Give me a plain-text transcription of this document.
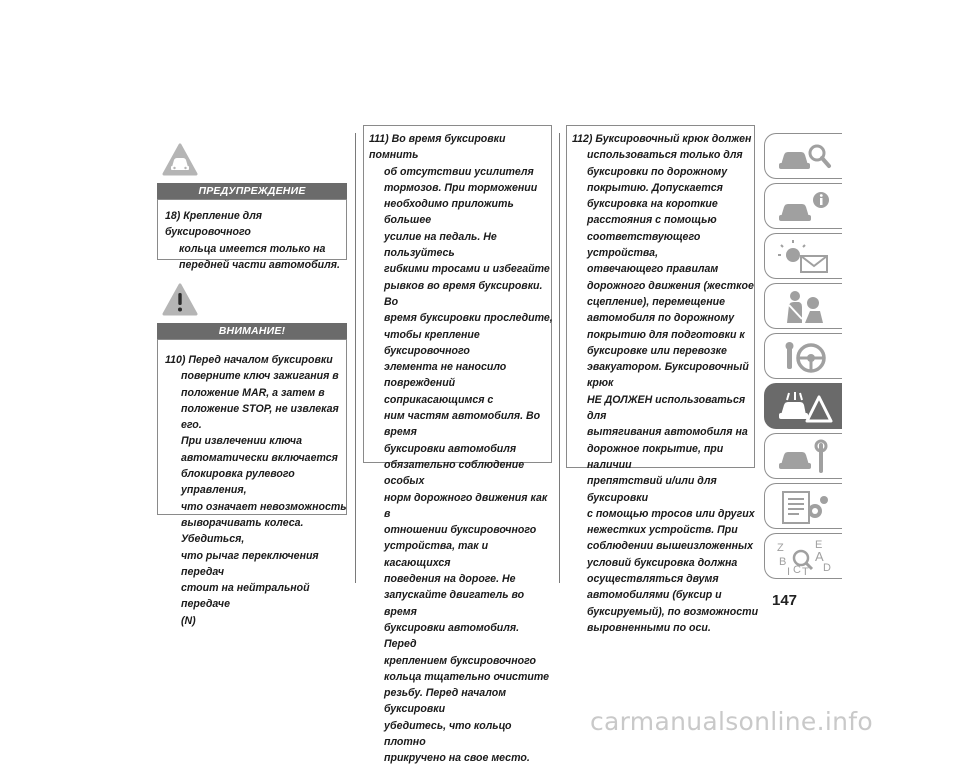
ПРЕДУПРЕЖДЕНИЕ
18) Крепление для буксировочного
кольца имеется только на
передней части автомобиля.
ВНИМАНИЕ!
110) Перед началом буксировки
поверните ключ зажигания в
положение MAR, а затем в
положение STOP, не извлекая его.
При извлечении ключа
автоматически включается
блокировка рулевого управления,
что означает невозможность
выворачивать колеса. Убедиться,
что рычаг переключения передач
стоит на нейтральной передаче
(N)
111) Во время буксировки помнить
об отсутствии усилителя
тормозов. При торможении
необходимо приложить большее
усилие на педаль. Не пользуйтесь
гибкими тросами и избегайте
рывков во время буксировки. Во
время буксировки проследите,
чтобы крепление буксировочного
элемента не наносило
повреждений соприкасающимся с
ним частям автомобиля. Во время
буксировки автомобиля
обязательно соблюдение особых
норм дорожного движения как в
отношении буксировочного
устройства, так и касающихся
поведения на дороге. Не
запускайте двигатель во время
буксировки автомобиля. Перед
креплением буксировочного
кольца тщательно очистите
резьбу. Перед началом буксировки
убедитесь, что кольцо плотно
прикручено на свое место.
112) Буксировочный крюк должен
использоваться только для
буксировки по дорожному
покрытию. Допускается
буксировка на короткие
расстояния с помощью
соответствующего устройства,
отвечающего правилам
дорожного движения (жесткое
сцепление), перемещение
автомобиля по дорожному
покрытию для подготовки к
буксировке или перевозке
эвакуатором. Буксировочный крюк
НЕ ДОЛЖЕН использоваться для
вытягивания автомобиля на
дорожное покрытие, при наличии
препятствий и/или для буксировки
с помощью тросов или других
нежестких устройств. При
соблюдении вышеизложенных
условий буксировка должна
осуществляться двумя
автомобилями (буксир и
буксируемый), по возможности
выровненными по оси.
Z
B
I C T
E
A
D
147
carmanualsonline.info
